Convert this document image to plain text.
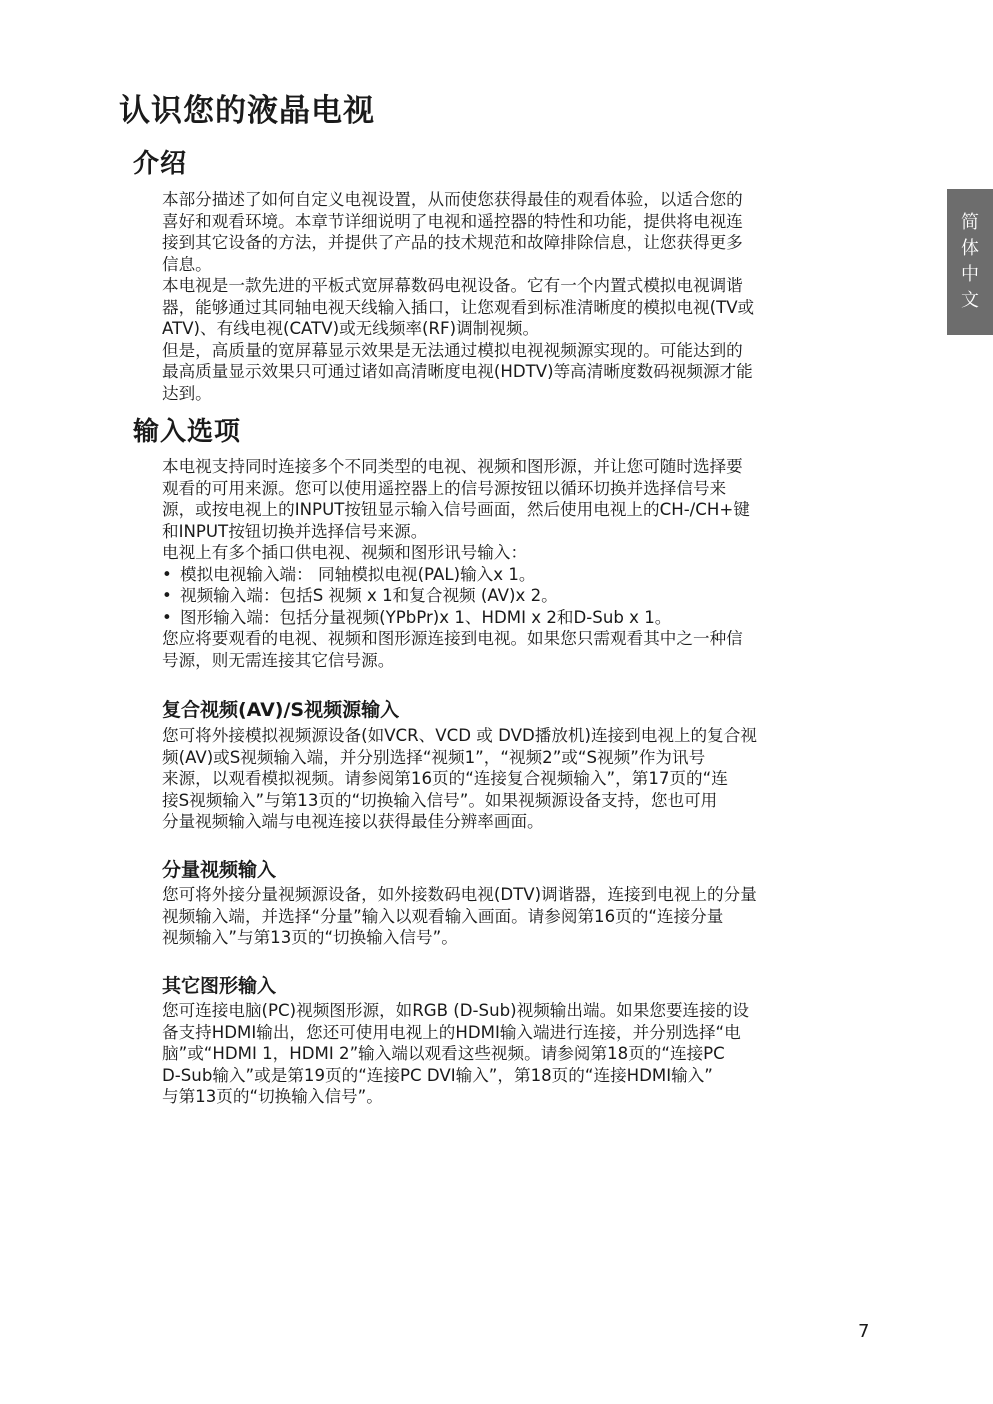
认识您的液晶电视
简
体
中
文
介绍
本部分描述了如何自定义电视设置，从而使您获得最佳的观看体验，以适合您的
喜好和观看环境。本章节详细说明了电视和遥控器的特性和功能，提供将电视连
接到其它设备的方法，并提供了产品的技术规范和故障排除信息，让您获得更多
信息。
本电视是一款先进的平板式宽屏幕数码电视设备。它有一个内置式模拟电视调谐
器，能够通过其同轴电视天线输入插口，让您观看到标准清晰度的模拟电视(TV或
ATV)、有线电视(CATV)或无线频率(RF)调制视频。
但是，高质量的宽屏幕显示效果是无法通过模拟电视视频源实现的。可能达到的
最高质量显示效果只可通过诸如高清晰度电视(HDTV)等高清晰度数码视频源才能
达到。
输入选项
本电视支持同时连接多个不同类型的电视、视频和图形源，并让您可随时选择要
观看的可用来源。您可以使用遥控器上的信号源按钮以循环切换并选择信号来
源，或按电视上的INPUT按钮显示输入信号画面，然后使用电视上的CH-/CH+键
和INPUT按钮切换并选择信号来源。
电视上有多个插口供电视、视频和图形讯号输入：
• 模拟电视输入端： 同轴模拟电视(PAL)输入x 1。
• 视频输入端：包括S 视频 x 1和复合视频 (AV)x 2。
• 图形输入端：包括分量视频(YPbPr)x 1、HDMI x 2和D-Sub x 1。
您应将要观看的电视、视频和图形源连接到电视。如果您只需观看其中之一种信
号源，则无需连接其它信号源。
复合视频(AV)/S视频源输入
您可将外接模拟视频源设备(如VCR、VCD 或 DVD播放机)连接到电视上的复合视
频(AV)或S视频输入端，并分别选择“视频1”，“视频2”或“S视频”作为讯号
来源，以观看模拟视频。请参阅第16页的“连接复合视频输入”，第17页的“连
接S视频输入”与第13页的“切换输入信号”。如果视频源设备支持，您也可用
分量视频输入端与电视连接以获得最佳分辨率画面。
分量视频输入
您可将外接分量视频源设备，如外接数码电视(DTV)调谐器，连接到电视上的分量
视频输入端，并选择“分量”输入以观看输入画面。请参阅第16页的“连接分量
视频输入”与第13页的“切换输入信号”。
其它图形输入
您可连接电脑(PC)视频图形源，如RGB (D-Sub)视频输出端。如果您要连接的设
备支持HDMI输出，您还可使用电视上的HDMI输入端进行连接，并分别选择“电
脑”或“HDMI 1，HDMI 2”输入端以观看这些视频。请参阅第18页的“连接PC
D-Sub输入”或是第19页的“连接PC DVI输入”，第18页的“连接HDMI输入”
与第13页的“切换输入信号”。

7
